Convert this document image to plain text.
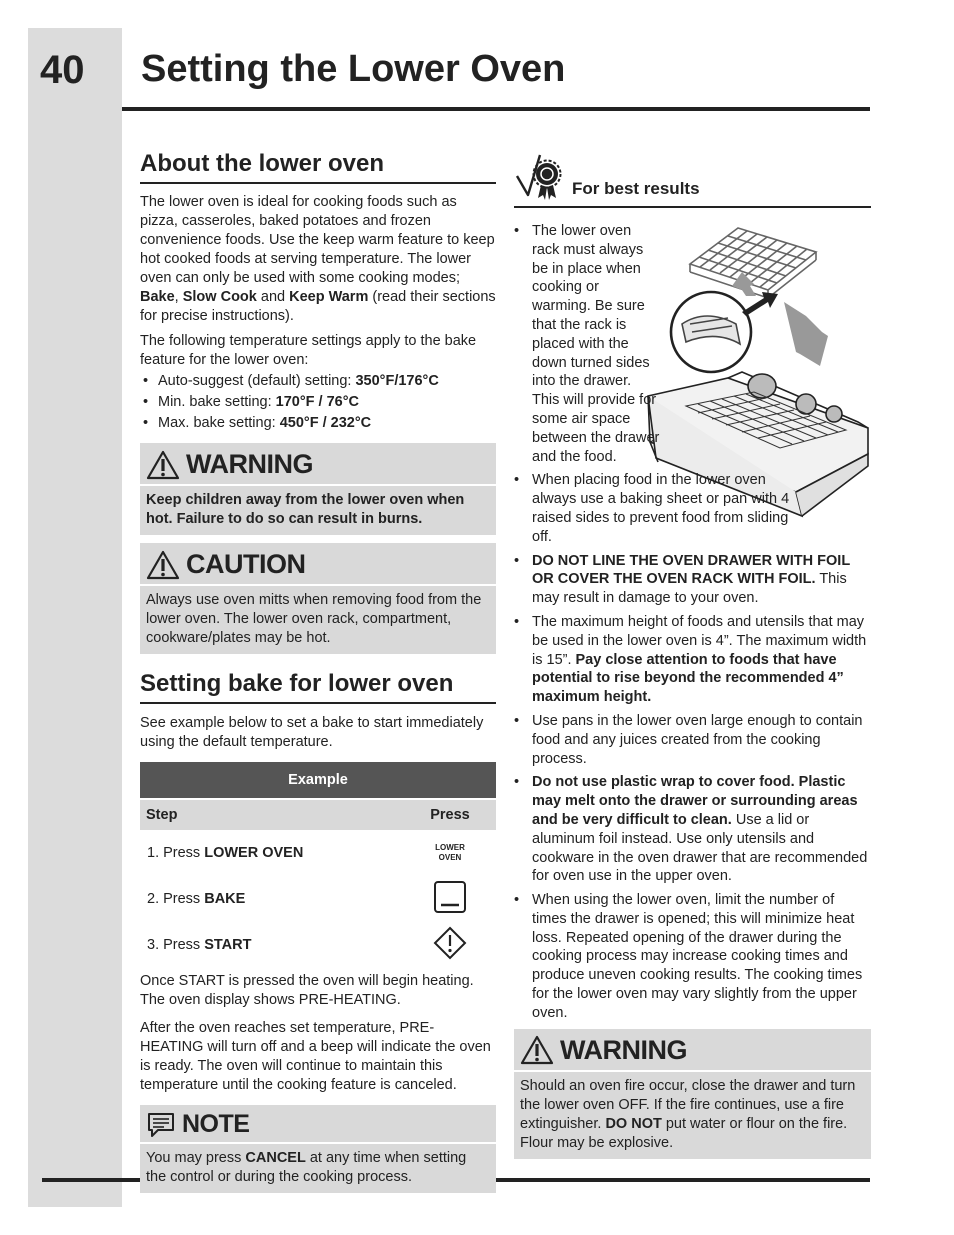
40 Setting the Lower Oven
About the lower oven

The lower oven is ideal for cooking foods such as pizza, casseroles, baked potatoes and frozen convenience foods. Use the keep warm feature to keep hot cooked foods at serving temperature. The lower oven can only be used with some cooking modes; Bake, Slow Cook and Keep Warm (read their sections for precise instructions).

The following temperature settings apply to the bake feature for the lower oven:

• Auto-suggest (default) setting: 350°F/176°C
• Min. bake setting: 170°F / 76°C
• Max. bake setting: 450°F / 232°C
WARNING
Keep children away from the lower oven when hot. Failure to do so can result in burns.
CAUTION
Always use oven mitts when removing food from the lower oven. The lower oven rack, compartment, cookware/plates may be hot.
Setting bake for lower oven

See example below to set a bake to start immediately using the default temperature.

Example	
Step	Press
1. Press LOWER OVEN	LOWER
OVEN

2. Press BAKE	
3. Press START	

Once START is pressed the oven will begin heating. The oven display shows PRE-HEATING.

After the oven reaches set temperature, PRE-HEATING will turn off and a beep will indicate the oven is ready. The oven will continue to maintain this temperature until the cooking feature is canceled.

NOTE
You may press CANCEL at any time when setting the control or during the cooking process.
For best results
• The lower oven rack must always be in place when cooking or warming. Be sure that the rack is placed with the down turned sides into the drawer. This will provide for some air space between the drawer and the food.
• When placing food in the lower oven always use a baking sheet or pan with 4 raised sides to prevent food from sliding off.
• DO NOT LINE THE OVEN DRAWER WITH FOIL OR COVER THE OVEN RACK WITH FOIL. This may result in damage to your oven.
• The maximum height of foods and utensils that may be used in the lower oven is 4”. The maximum width is 15”. Pay close attention to foods that have potential to rise beyond the recommended 4” maximum height.
• Use pans in the lower oven large enough to contain food and any juices created from the cooking process.
• Do not use plastic wrap to cover food. Plastic may melt onto the drawer or surrounding areas and be very difficult to clean. Use a lid or aluminum foil instead. Use only utensils and cookware in the oven drawer that are recommended for oven use in the upper oven.
• When using the lower oven, limit the number of times the drawer is opened; this will minimize heat loss. Repeated opening of the drawer during the cooking process may increase cooking times and produce uneven cooking results. The cooking times for the lower oven may vary slightly from the upper oven.
WARNING
Should an oven fire occur, close the drawer and turn the lower oven OFF. If the fire continues, use a fire extinguisher. DO NOT put water or flour on the fire. Flour may be explosive.
